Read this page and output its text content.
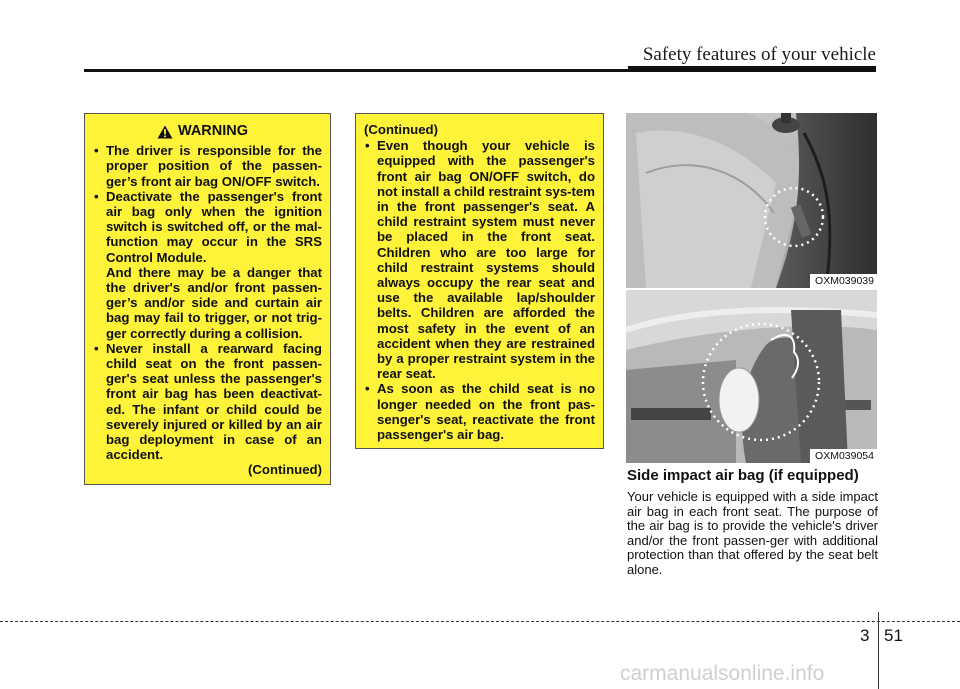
Safety features of your vehicle
WARNING
• The driver is responsible for the proper position of the passen-ger’s front air bag ON/OFF switch.
• Deactivate the passenger's front air bag only when the ignition switch is switched off, or the mal-function may occur in the SRS Control Module.
And there may be a danger that the driver's and/or front passen-ger’s and/or side and curtain air bag may fail to trigger, or not trig-ger correctly during a collision.
• Never install a rearward facing child seat on the front passen-ger's seat unless the passenger's front air bag has been deactivat-ed. The infant or child could be severely injured or killed by an air bag deployment in case of an accident.
(Continued)
(Continued)
• Even though your vehicle is equipped with the passenger's front air bag ON/OFF switch, do not install a child restraint sys-tem in the front passenger's seat. A child restraint system must never be placed in the front seat. Children who are too large for child restraint systems should always occupy the rear seat and use the available lap/shoulder belts. Children are afforded the most safety in the event of an accident when they are restrained by a proper restraint system in the rear seat.
• As soon as the child seat is no longer needed on the front pas-senger's seat, reactivate the front passenger's air bag.
OXM039039
OXM039054
Side impact air bag (if equipped)
Your vehicle is equipped with a side impact air bag in each front seat. The purpose of the air bag is to provide the vehicle's driver and/or the front passen-ger with additional protection than that offered by the seat belt alone.
3 51
carmanualsonline.info
